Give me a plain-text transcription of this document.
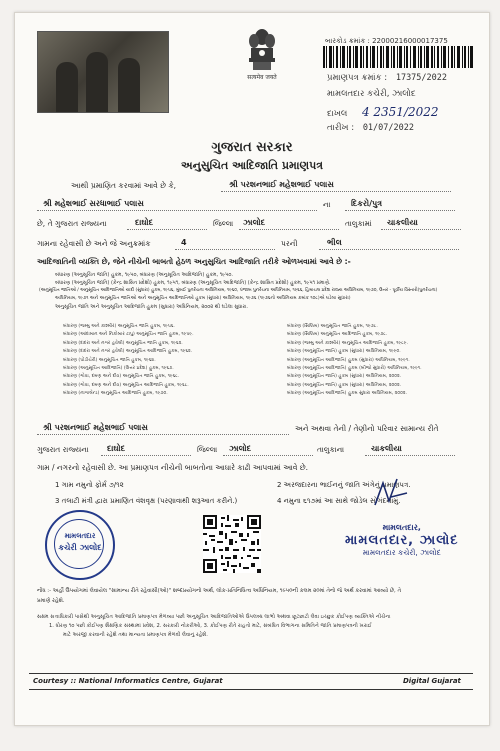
सत्यमेव जयते
બારકોડ ક્રમાંક : 22000216000017375
પ્રમાણપત્ર ક્રમાંક : 17375/2022
મામલતદાર કચેરી, ઝાલોદ
દાખલ 4 2351/2022
તારીખ : 01/07/2022
ગુજરાત સરકાર
અનુસુચિત આદિજાતિ પ્રમાણપત્ર
આથી પ્રમાણિત કરવામાં આવે છે કે,	શ્રી પરશનભાઈ મહેશભાઈ પલાસ
શ્રી મહેશભાઈ સરધાભાઈ પલાસ	ના	દિકરો/પુત્ર
છે, તે ગુજરાત રાજ્યના	દાઘોદ	જિલ્લા ઝાલોદ	તાલુકામાં ચાકલીયા
ગામના રહેવાસી છે અને જે અનુક્રમાંક	4	પરની	ભીલ
આદિજાતિની વ્યક્તિ છે, જેને નીચેની બાબતો હેઠળ અનુસુચિત આદિજાતિ તરીકે ઓળખવામાં આવે છે :-
બંધારણ (અનુસૂચિત જાતિ) હુકમ, ૧૯૫૦, બંધારણ (અનુસૂચિત આદિજાતિ) હુકમ, ૧૯૫૦.
બંધારણ (અનુસૂચિત જાતિ) (કેન્દ્ર શાસિત પ્રદેશો) હુકમ, ૧૯૫૧, બંધારણ (અનુસૂચિત આદિજાતિ) (કેન્દ્ર શાસિત પ્રદેશો) હુકમ, ૧૯૫૧ પ્રમાણે.
(અનુસૂચિત જાતિઓ / અનુસૂચિત આદિજાતિઓ યાદી (સુધારા) હુકમ, ૧૯૫૬, મુંબઈ પુનર્રચના અધિનિયમ, ૧૯૬૦, પંજાબ પુનર્રચના અધિનિયમ, ૧૯૬૬, હિમાચલ પ્રદેશ રાજ્ય અધિનિયમ, ૧૯૭૦, ઉત્તર - પૂર્વીય વિસ્તારો(પુનર્રચના)
અધિનિયમ, ૧૯૭૧ અને અનુસૂચિત જાતિઓ અને અનુસૂચિત આદિજાતિઓ હુકમ (સુધારા) અધિનિયમ, ૧૯૭૬ (૧૯૭૬નો અધિનિયમ ક્રમાંક ૧૦૮)એ ઘડેલા સુધારા)
અનુસૂચિત જાતિ અને અનુસૂચિત આદિજાતિ હુકમ (સુધારા) અધિનિયમ, ૨૦૦૨ થી ઘડેલા સુધારા.
બંધારણ (જમ્મુ અને કાશ્મીર) અનુસૂચિત જાતિ હુકમ, ૧૯૫૬.
બંધારણ (આંદામાન અને નિકોબાર ટાપુ) અનુસૂચિત જાતિ હુકમ, ૧૯૫૯.
બંધારણ (દાદરા અને નગર હવેલી) અનુસૂચિત જાતિ હુકમ, ૧૯૬૨.
બંધારણ (દાદરા અને નગર હવેલી) અનુસૂચિત આદિજાતિ હુકમ, ૧૯૬૨.
બંધારણ (પોંડીચેરી) અનુસૂચિત જાતિ હુકમ, ૧૯૬૪.
બંધારણ (અનુસૂચિત આદિજાતિ) (ઉત્તર પ્રદેશ) હુકમ, ૧૯૬૭.
બંધારણ (ગોવા, દમણ અને દીવ) અનુસૂચિત જાતિ હુકમ, ૧૯૬૮.
બંધારણ (ગોવા, દમણ અને દીવ) અનુસૂચિત આદિજાતિ હુકમ, ૧૯૬૮.
બંધારણ (નાગાલેન્ડ) અનુસૂચિત આદિજાતિ હુકમ, ૧૯૭૦.
બંધારણ (સિક્કિમ) અનુસૂચિત જાતિ હુકમ, ૧૯૭૮.
બંધારણ (સિક્કિમ) અનુસૂચિત આદિજાતિ હુકમ, ૧૯૭૮.
બંધારણ (જમ્મુ અને કાશ્મીર) અનુસૂચિત આદિજાતિ હુકમ, ૧૯૮૯.
બંધારણ (અનુસૂચિત જાતિ) હુકમ (સુધારા) અધિનિયમ, ૧૯૯૦.
બંધારણ (અનુસૂચિત આદિજાતિ) હુકમ (સુધારા) અધિનિયમ, ૧૯૯૧.
બંધારણ (અનુસૂચિત આદિજાતિ) હુકમ (બીજો સુધારો) અધિનિયમ, ૧૯૯૧.
બંધારણ (અનુસૂચિત જાતિ) હુકમ (સુધારા) અધિનિયમ, ૨૦૦૨.
બંધારણ (અનુસૂચિત જાતિ) હુકમ (સુધારા) અધિનિયમ, ૨૦૦૨.
બંધારણ (અનુસૂચિત આદિજાતિ) હુકમ સુધારા અધિનિયમ, ૨૦૦૨.
શ્રી પરશનભાઈ મહેશભાઈ પલાસ	અને અથવા તેની / તેણીનો પરિવાર સામાન્ય રીતે
ગુજરાત રાજ્યના દાઘોદ	જિલ્લા ઝાલોદ	તાલુકાના	ચાકલીયા
ગામ / નગરનો રહેવાસી છે. આ પ્રમાણપત્ર નીચેની બાબતોના આધારે કાઢી આપવામાં આવે છે.
1 ગામ નમુનો ફોર્મ ૭/૧૨	2 અરજદારના ભાઈનનું જાતિ અંગેનું પ્રમાણપત્ર.
3 તલાટી મંત્રી દ્વારા પ્રમાણિત વંશવૃક્ષ (પરણાવાથી શરૂઆત કરીને.)	4 નમુના ૬૧૭માં આ સાથે જોડેલ સોગંદનામું.
મામલતદાર
કચેરી ઝાલોદ
મામલતદાર,
મામલતદાર, ઝાલોદ
મામલતદાર કચેરી, ઝાલોદ
નોંધ :- અહીં ઉપયોગમાં લેવાયેલ "સામાન્ય રીતે રહેવાસી(ઓ)" શબ્દપ્રયોગનો અર્થ, લોક-પ્રતિનિધિત્વ અધિનિયમ, ૧૯૫૦ની કલમ ૨૦માં તેનો જે અર્થ કરવામાં આવ્યો છે, તે
પ્રમાણે રહેશે.
સક્ષમ સત્તાધિકારી પાસેથી અનુસૂચિત આદિજાતિ પ્રમાણપત્ર મેળવ્યા પછી અનુસૂચિત આદિજાતિઓએ ઉપલબ્ધ લાભો અથવા છૂટછાટો લેવા ઇચ્છુક કોઈપણ વ્યક્તિએ નીચેના
1. ધોરણ ૧૦ પછી કોઈપણ શૈક્ષણિક સંસ્થામાં પ્રવેશ, 2. સરકારી નોકરીઓ, 3. કોઈપણ રીતે રાહતો માટે, સંબંધિત વિભાગના સમિતિને જાતિ પ્રમાણપત્રની ખરાઈ
માટે અરજી કરવાની રહેશે તથા માન્યતા પ્રમાણપત્ર મેળવી લેવાનું રહેશે.
Courtesy :: National Informatics Centre, Gujarat	Digital Gujarat
